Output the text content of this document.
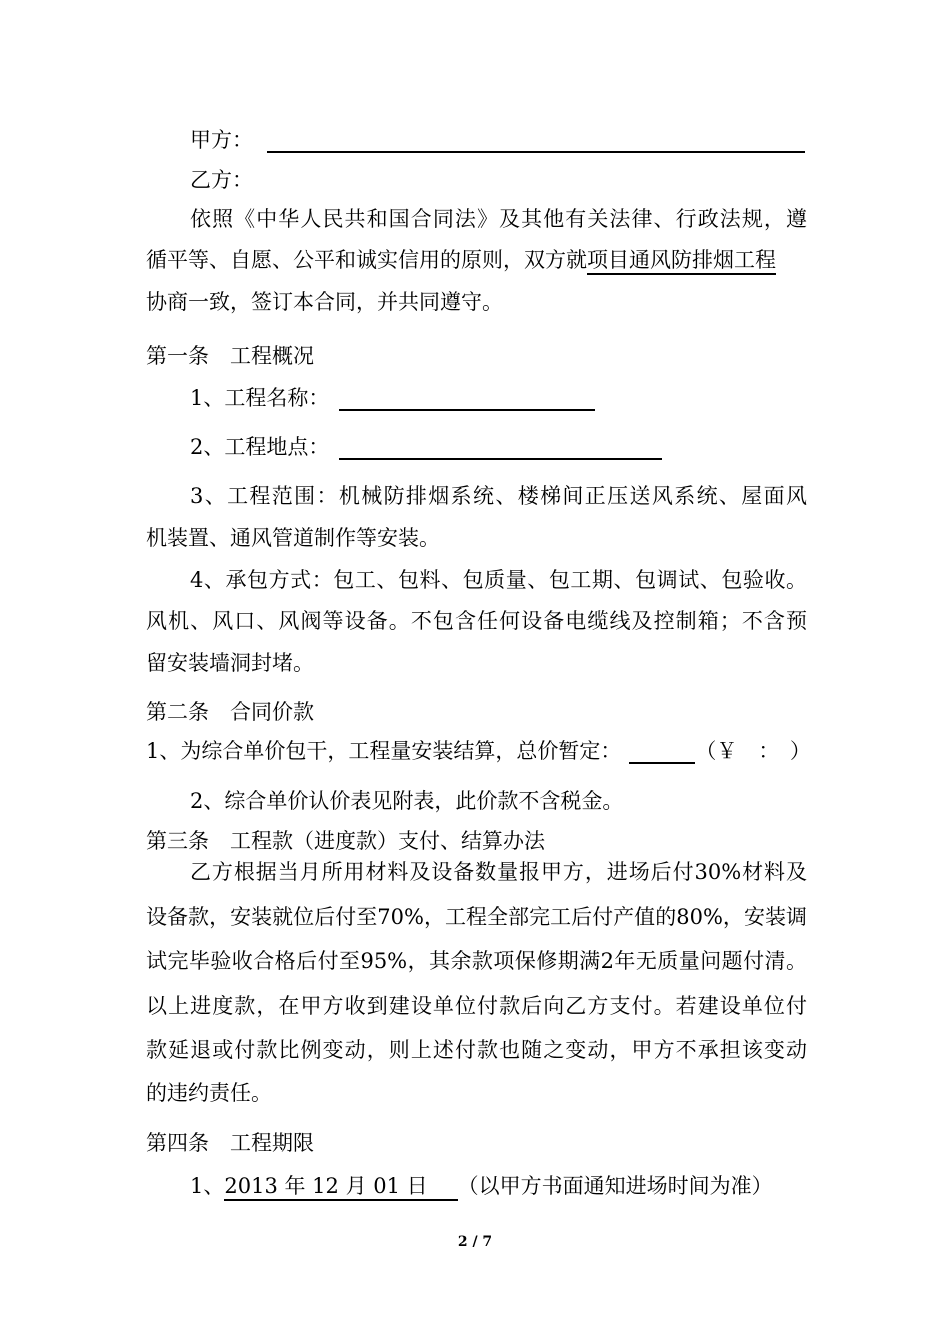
甲方：
乙方：
依照《中华人民共和国合同法》及其他有关法律、行政法规，遵
循平等、自愿、公平和诚实信用的原则，双方就项目通风防排烟工程
协商一致，签订本合同，并共同遵守。
第一条　工程概况
1、工程名称：
2、工程地点：
3、工程范围：机械防排烟系统、楼梯间正压送风系统、屋面风
机装置、通风管道制作等安装。
4、承包方式：包工、包料、包质量、包工期、包调试、包验收。
风机、风口、风阀等设备。不包含任何设备电缆线及控制箱；不含预
留安装墙洞封堵。
第二条　合同价款
1、为综合单价包干，工程量安装结算，总价暂定：	（￥　：　）
2、综合单价认价表见附表，此价款不含税金。
第三条　工程款（进度款）支付、结算办法
乙方根据当月所用材料及设备数量报甲方，进场后付30%材料及
设备款，安装就位后付至70%，工程全部完工后付产值的80%，安装调
试完毕验收合格后付至95%，其余款项保修期满2年无质量问题付清。
以上进度款，在甲方收到建设单位付款后向乙方支付。若建设单位付
款延退或付款比例变动，则上述付款也随之变动，甲方不承担该变动
的违约责任。
第四条　工程期限
1、2013 年 12 月 01 日 （以甲方书面通知进场时间为准）
2 / 7
